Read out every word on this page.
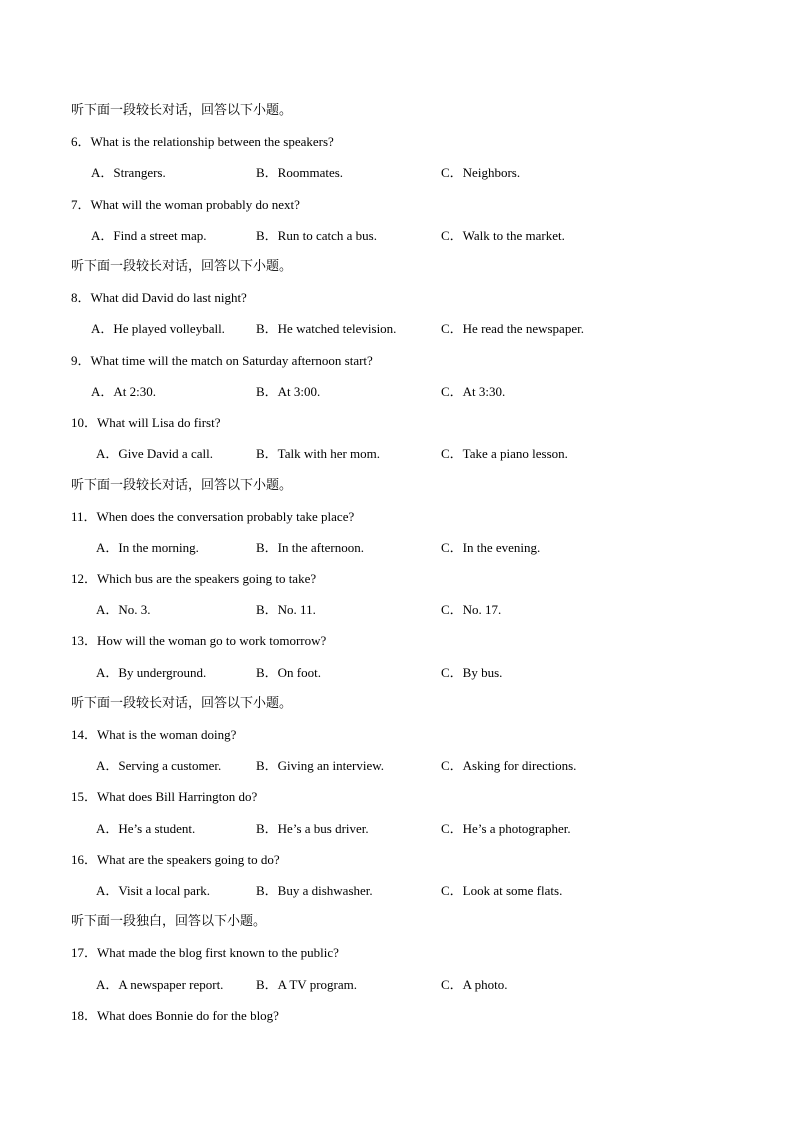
听下面一段较长对话，回答以下小题。
6．What is the relationship between the speakers?
A．Strangers.	B．Roommates.	C．Neighbors.
7．What will the woman probably do next?
A．Find a street map.	B．Run to catch a bus.	C．Walk to the market.
听下面一段较长对话，回答以下小题。
8．What did David do last night?
A．He played volleyball. B．He watched television.	C．He read the newspaper.
9．What time will the match on Saturday afternoon start?
A．At 2:30.	B．At 3:00.	C．At 3:30.
10．What will Lisa do first?
A．Give David a call.	B．Talk with her mom.	C．Take a piano lesson.
听下面一段较长对话，回答以下小题。
11．When does the conversation probably take place?
A．In the morning.	B．In the afternoon.	C．In the evening.
12．Which bus are the speakers going to take?
A．No. 3.	B．No. 11.	C．No. 17.
13．How will the woman go to work tomorrow?
A．By underground.	B．On foot.	C．By bus.
听下面一段较长对话，回答以下小题。
14．What is the woman doing?
A．Serving a customer.	B．Giving an interview.	C．Asking for directions.
15．What does Bill Harrington do?
A．He’s a student.	B．He’s a bus driver.	C．He’s a photographer.
16．What are the speakers going to do?
A．Visit a local park.	B．Buy a dishwasher.	C．Look at some flats.
听下面一段独白，回答以下小题。
17．What made the blog first known to the public?
A．A newspaper report.	B．A TV program.	C．A photo.
18．What does Bonnie do for the blog?
